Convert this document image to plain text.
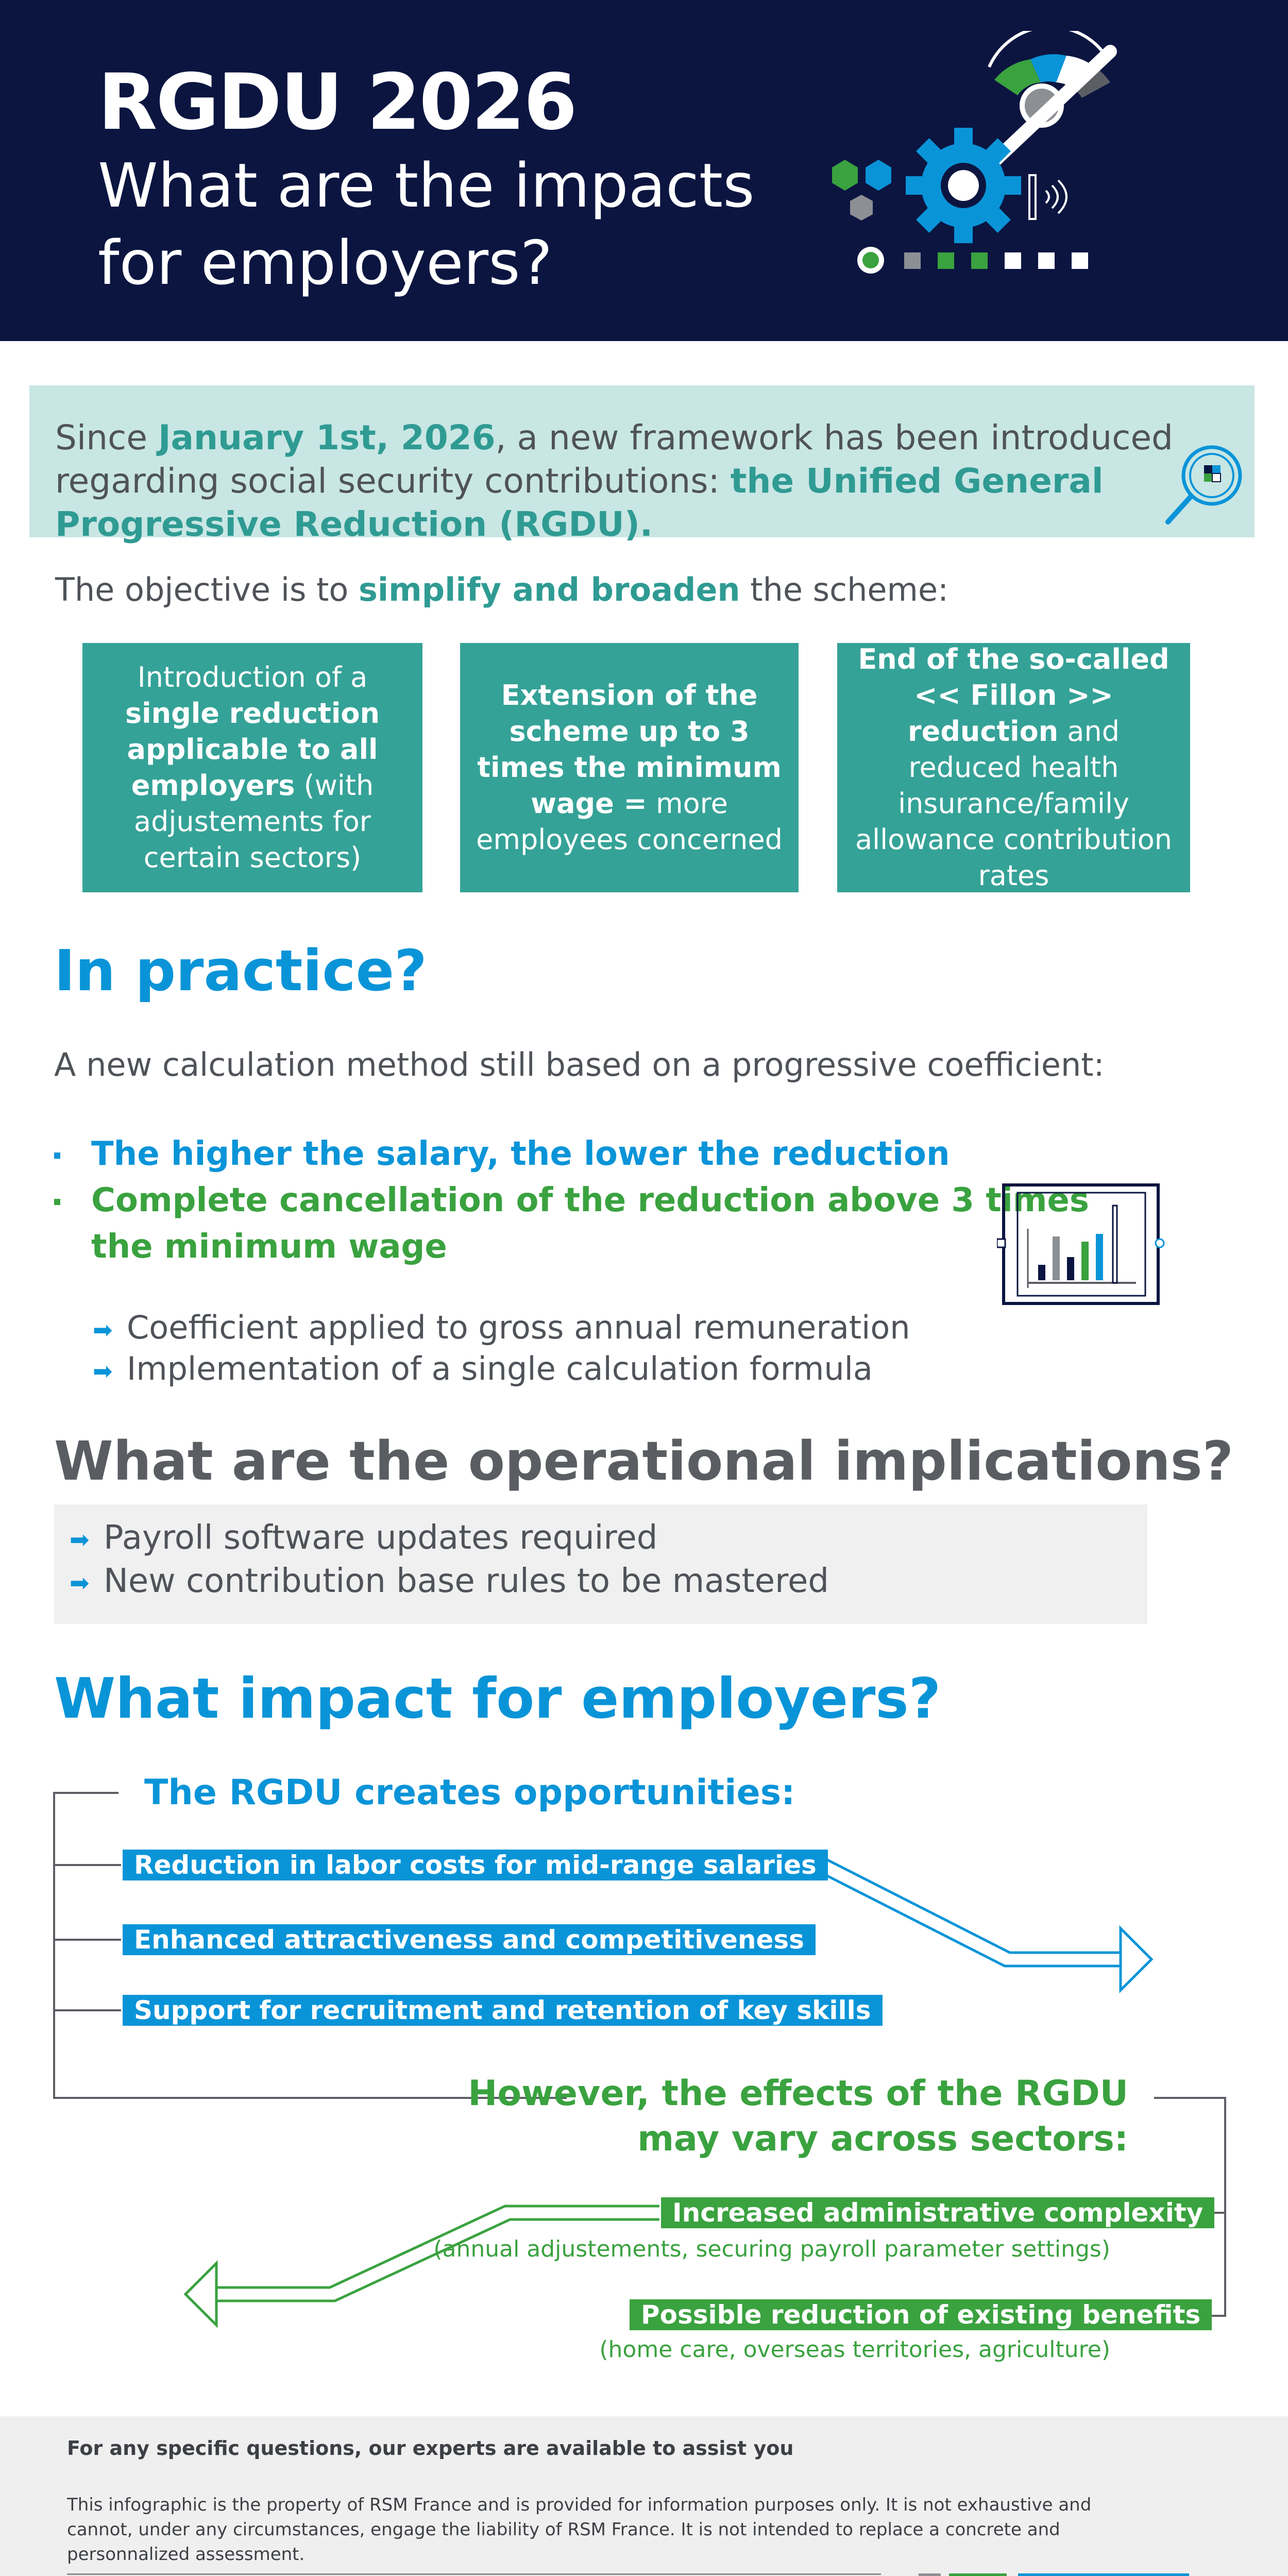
RGDU 2026
What are the impacts
for employers?

Since January 1st, 2026, a new framework has been introduced regarding social security contributions: the Unified General Progressive Reduction (RGDU).

The objective is to simplify and broaden the scheme:

Introduction of a single reduction applicable to all employers (with adjustements for certain sectors)
Extension of the scheme up to 3 times the minimum wage = more employees concerned
End of the so-called << Fillon >> reduction and reduced health insurance/family allowance contribution rates
In practice?

A new calculation method still based on a progressive coefficient:

The higher the salary, the lower the reduction

Complete cancellation of the reduction above 3 times

the minimum wage

➡ Coefficient applied to gross annual remuneration

➡ Implementation of a single calculation formula

What are the operational implications?

➡ Payroll software updates required

➡ New contribution base rules to be mastered

What impact for employers?

The RGDU creates opportunities:

Reduction in labor costs for mid-range salaries
Enhanced attractiveness and competitiveness
Support for recruitment and retention of key skills
However, the effects of the RGDU
may vary across sectors:
Increased administrative complexity

(annual adjustements, securing payroll parameter settings)

Possible reduction of existing benefits

(home care, overseas territories, agriculture)

For any specific questions, our experts are available to assist you

This infographic is the property of RSM France and is provided for information purposes only. It is not exhaustive and cannot, under any circumstances, engage the liability of RSM France. It is not intended to replace a concrete and personnalized assessment.
